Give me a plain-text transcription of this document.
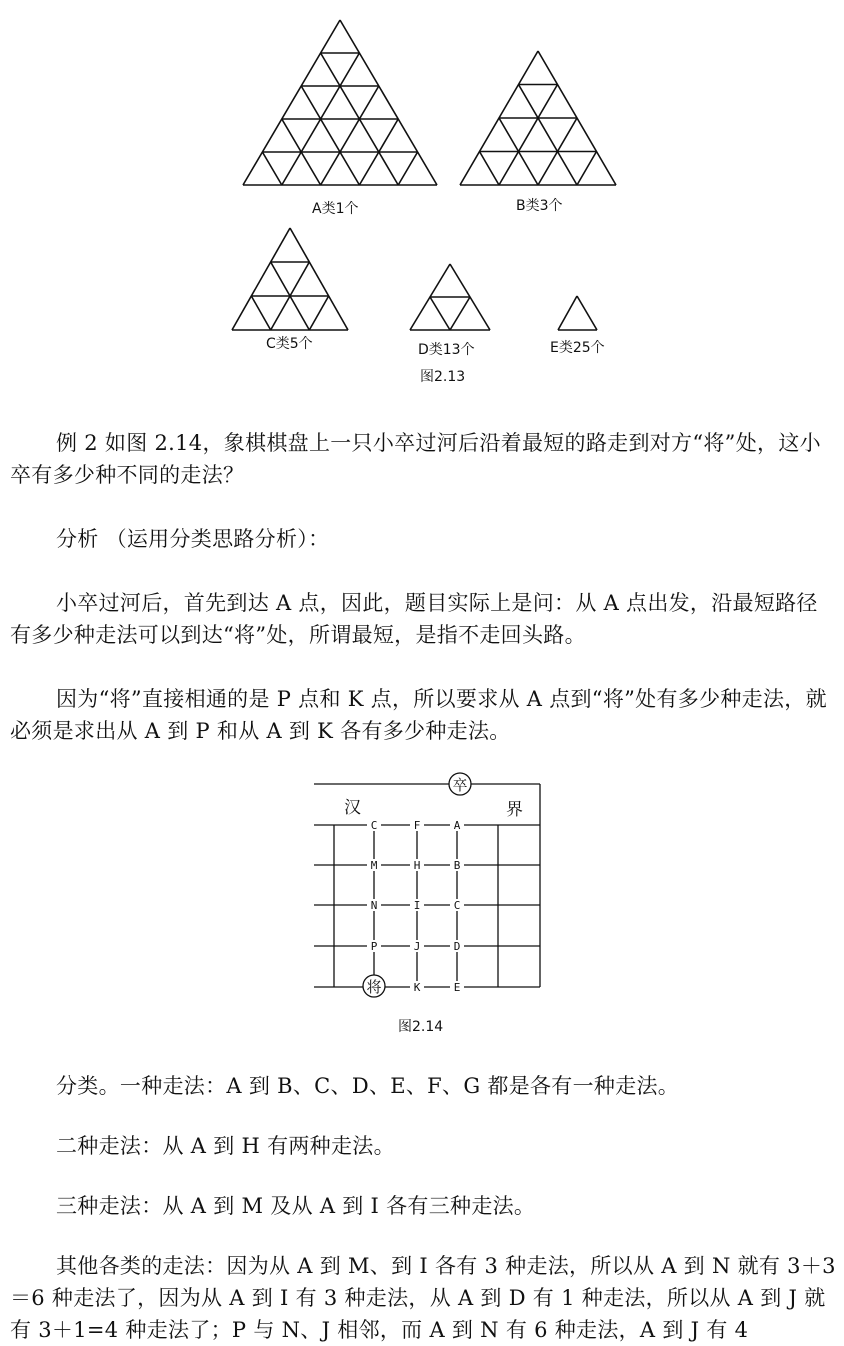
A类1个	B类3个
C类5个	D类13个	E类25个
图2.13

例 2 如图 2.14，象棋棋盘上一只小卒过河后沿着最短的路走到对方“将”处，这小卒有多少种不同的走法？

分析 （运用分类思路分析）：

小卒过河后，首先到达 A 点，因此，题目实际上是问：从 A 点出发，沿最短路径有多少种走法可以到达“将”处，所谓最短，是指不走回头路。

因为“将”直接相通的是 P 点和 K 点，所以要求从 A 点到“将”处有多少种走法，就必须是求出从 A 到 P 和从 A 到 K 各有多少种走法。

C	F	A
M	H	B
N	I	C
P	J	D
K	E
汉	界
卒
将
图2.14

分类。一种走法：A 到 B、C、D、E、F、G 都是各有一种走法。

二种走法：从 A 到 H 有两种走法。

三种走法：从 A 到 M 及从 A 到 I 各有三种走法。

其他各类的走法：因为从 A 到 M、到 I 各有 3 种走法，所以从 A 到 N 就有 3＋3＝6 种走法了，因为从 A 到 I 有 3 种走法，从 A 到 D 有 1 种走法，所以从 A 到 J 就有 3＋1=4 种走法了；P 与 N、J 相邻，而 A 到 N 有 6 种走法，A 到 J 有 4
